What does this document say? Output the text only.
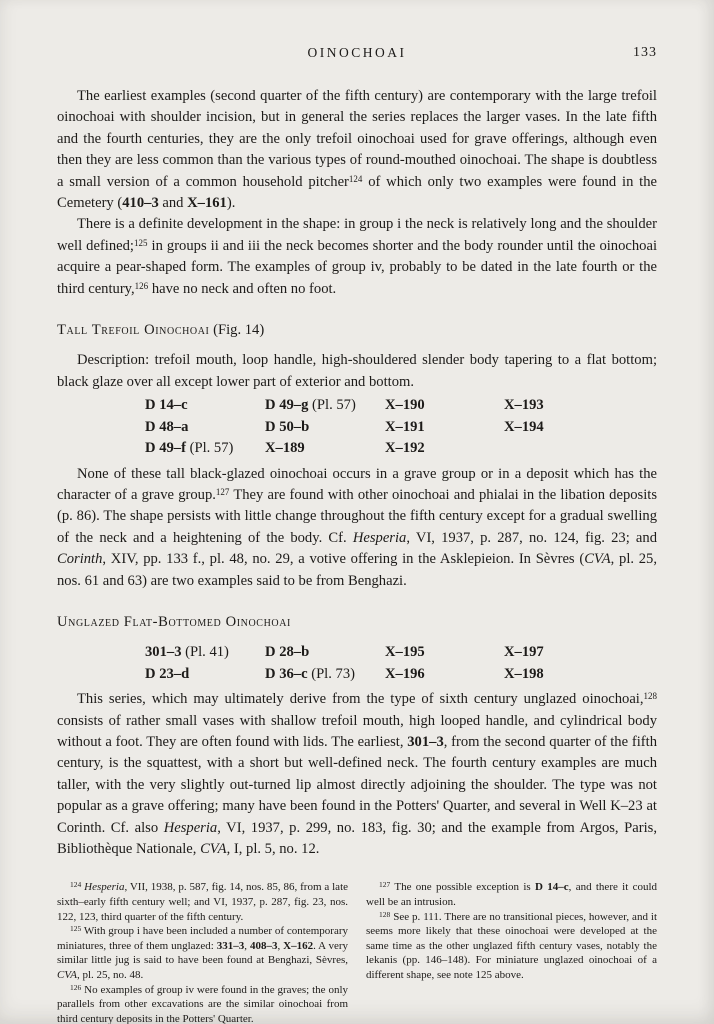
OINOCHOAI	133

The earliest examples (second quarter of the fifth century) are contemporary with the large trefoil oinochoai with shoulder incision, but in general the series replaces the larger vases. In the late fifth and the fourth centuries, they are the only trefoil oinochoai used for grave offerings, although even then they are less common than the various types of round-mouthed oinochoai. The shape is doubtless a small version of a common household pitcher$^{124}$ of which only two examples were found in the Cemetery (410–3 and X–161).

There is a definite development in the shape: in group i the neck is relatively long and the shoulder well defined;$^{125}$ in groups ii and iii the neck becomes shorter and the body rounder until the oinochoai acquire a pear-shaped form. The examples of group iv, probably to be dated in the late fourth or the third century,$^{126}$ have no neck and often no foot.

Tall Trefoil Oinochoai (Fig. 14)

Description: trefoil mouth, loop handle, high-shouldered slender body tapering to a flat bottom; black glaze over all except lower part of exterior and bottom.

D 14–c	D 49–g (Pl. 57)	X–190	X–193
D 48–a	D 50–b	X–191	X–194
D 49–f (Pl. 57)	X–189	X–192

None of these tall black-glazed oinochoai occurs in a grave group or in a deposit which has the character of a grave group.$^{127}$ They are found with other oinochoai and phialai in the libation deposits (p. 86). The shape persists with little change throughout the fifth century except for a gradual swelling of the neck and a heightening of the body. Cf. Hesperia, VI, 1937, p. 287, no. 124, fig. 23; and Corinth, XIV, pp. 133 f., pl. 48, no. 29, a votive offering in the Asklepieion. In Sèvres (CVA, pl. 25, nos. 61 and 63) are two examples said to be from Benghazi.

Unglazed Flat-Bottomed Oinochoai

301–3 (Pl. 41)	D 28–b	X–195	X–197
D 23–d	D 36–c (Pl. 73)	X–196	X–198

This series, which may ultimately derive from the type of sixth century unglazed oinochoai,$^{128}$ consists of rather small vases with shallow trefoil mouth, high looped handle, and cylindrical body without a foot. They are often found with lids. The earliest, 301–3, from the second quarter of the fifth century, is the squattest, with a short but well-defined neck. The fourth century examples are much taller, with the very slightly out-turned lip almost directly adjoining the shoulder. The type was not popular as a grave offering; many have been found in the Potters' Quarter, and several in Well K–23 at Corinth. Cf. also Hesperia, VI, 1937, p. 299, no. 183, fig. 30; and the example from Argos, Paris, Bibliothèque Nationale, CVA, I, pl. 5, no. 12.

$^{124}$ Hesperia, VII, 1938, p. 587, fig. 14, nos. 85, 86, from a late sixth–early fifth century well; and VI, 1937, p. 287, fig. 23, nos. 122, 123, third quarter of the fifth century.

$^{125}$ With group i have been included a number of contemporary miniatures, three of them unglazed: 331–3, 408–3, X–162. A very similar little jug is said to have been found at Benghazi, Sèvres, CVA, pl. 25, no. 48.

$^{126}$ No examples of group iv were found in the graves; the only parallels from other excavations are the similar oinochoai from third century deposits in the Potters' Quarter.

$^{127}$ The one possible exception is D 14–c, and there it could well be an intrusion.

$^{128}$ See p. 111. There are no transitional pieces, however, and it seems more likely that these oinochoai were developed at the same time as the other unglazed fifth century vases, notably the lekanis (pp. 146–148). For miniature unglazed oinochoai of a different shape, see note 125 above.
